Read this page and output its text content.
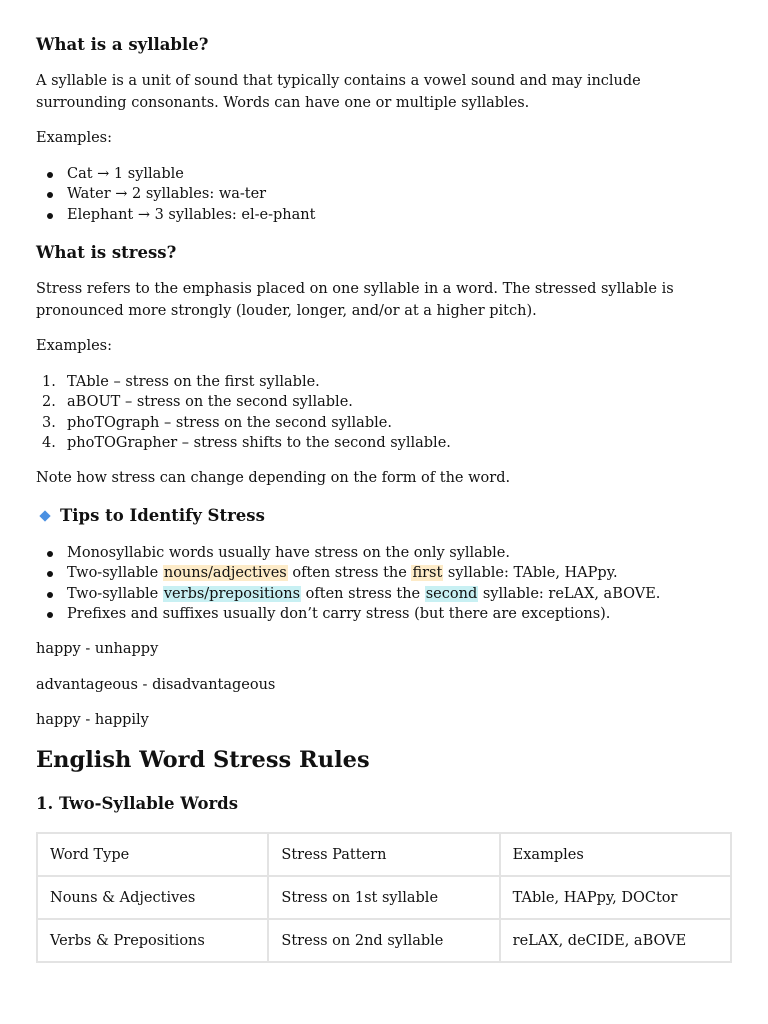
What is a syllable?

A syllable is a unit of sound that typically contains a vowel sound and may include
surrounding consonants. Words can have one or multiple syllables.

Examples:

Cat → 1 syllable
Water → 2 syllables: wa-ter
Elephant → 3 syllables: el-e-phant
What is stress?

Stress refers to the emphasis placed on one syllable in a word. The stressed syllable is
pronounced more strongly (louder, longer, and/or at a higher pitch).

Examples:

1. TAble – stress on the first syllable.
2. aBOUT – stress on the second syllable.
3. phoTOgraph – stress on the second syllable.
4. phoTOGrapher – stress shifts to the second syllable.

Note how stress can change depending on the form of the word.

Tips to Identify Stress
Monosyllabic words usually have stress on the only syllable.
Two-syllable nouns/adjectives often stress the first syllable: TAble, HAPpy.
Two-syllable verbs/prepositions often stress the second syllable: reLAX, aBOVE.
Prefixes and suffixes usually don’t carry stress (but there are exceptions).

happy - unhappy

advantageous - disadvantageous

happy - happily

English Word Stress Rules
1. Two-Syllable Words
Word Type	Stress Pattern	Examples
Nouns & Adjectives	Stress on 1st syllable	TAble, HAPpy, DOCtor
Verbs & Prepositions	Stress on 2nd syllable	reLAX, deCIDE, aBOVE
